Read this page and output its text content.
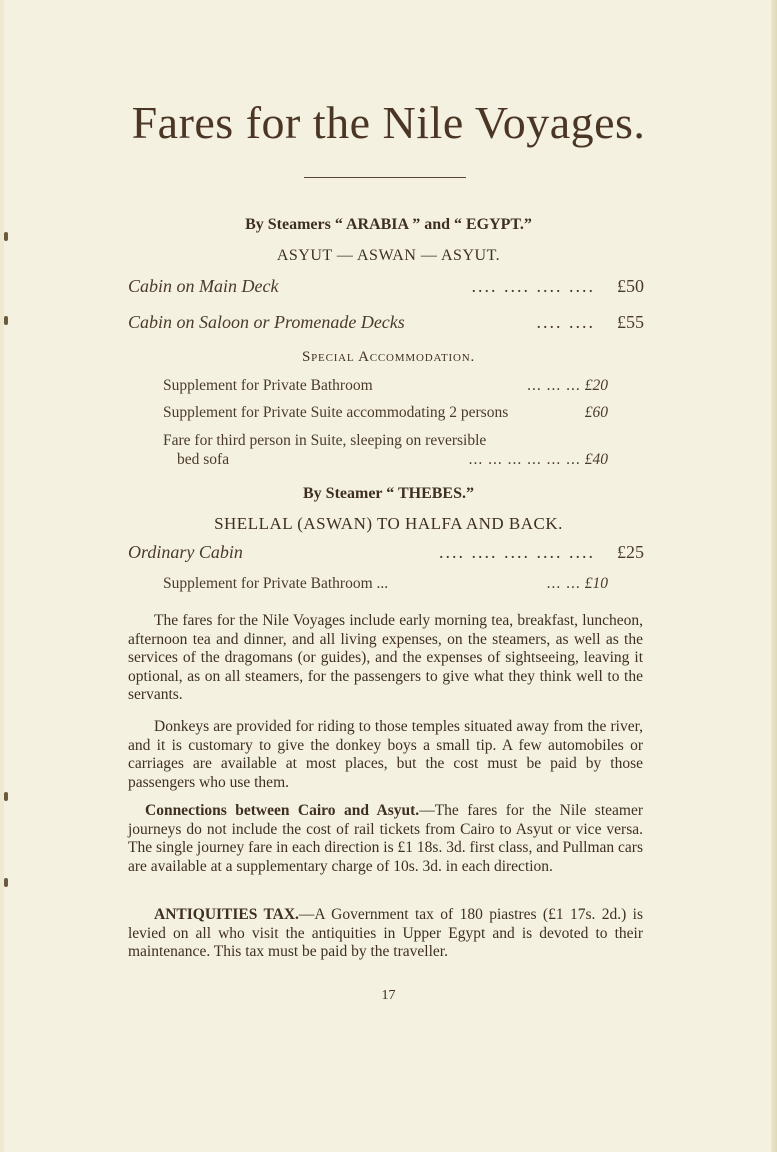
Fares for the Nile Voyages.
By Steamers “ ARABIA ” and “ EGYPT.”
ASYUT — ASWAN — ASYUT.
Cabin on Main Deck	.... .... .... ....	£50
Cabin on Saloon or Promenade Decks	.... ....	£55
Special Accommodation.
Supplement for Private Bathroom	... ... ... £20
Supplement for Private Suite accommodating 2 persons	£60
Fare for third person in Suite, sleeping on reversible
bed sofa	... ... ... ... ... ... £40
By Steamer “ THEBES.”
SHELLAL (ASWAN) TO HALFA AND BACK.
Ordinary Cabin	.... .... .... .... ....	£25
Supplement for Private Bathroom ...	... ... £10
The fares for the Nile Voyages include early morning tea, breakfast, luncheon, afternoon tea and dinner, and all living expenses, on the steamers, as well as the services of the dragomans (or guides), and the expenses of sightseeing, leaving it optional, as on all steamers, for the passengers to give what they think well to the servants.
Donkeys are provided for riding to those temples situated away from the river, and it is customary to give the donkey boys a small tip. A few automobiles or carriages are available at most places, but the cost must be paid by those passengers who use them.
Connections between Cairo and Asyut.—The fares for the Nile steamer journeys do not include the cost of rail tickets from Cairo to Asyut or vice versa. The single journey fare in each direction is £1 18s. 3d. first class, and Pullman cars are available at a supplementary charge of 10s. 3d. in each direction.
ANTIQUITIES TAX.—A Government tax of 180 piastres (£1 17s. 2d.) is levied on all who visit the antiquities in Upper Egypt and is devoted to their maintenance. This tax must be paid by the traveller.
17
